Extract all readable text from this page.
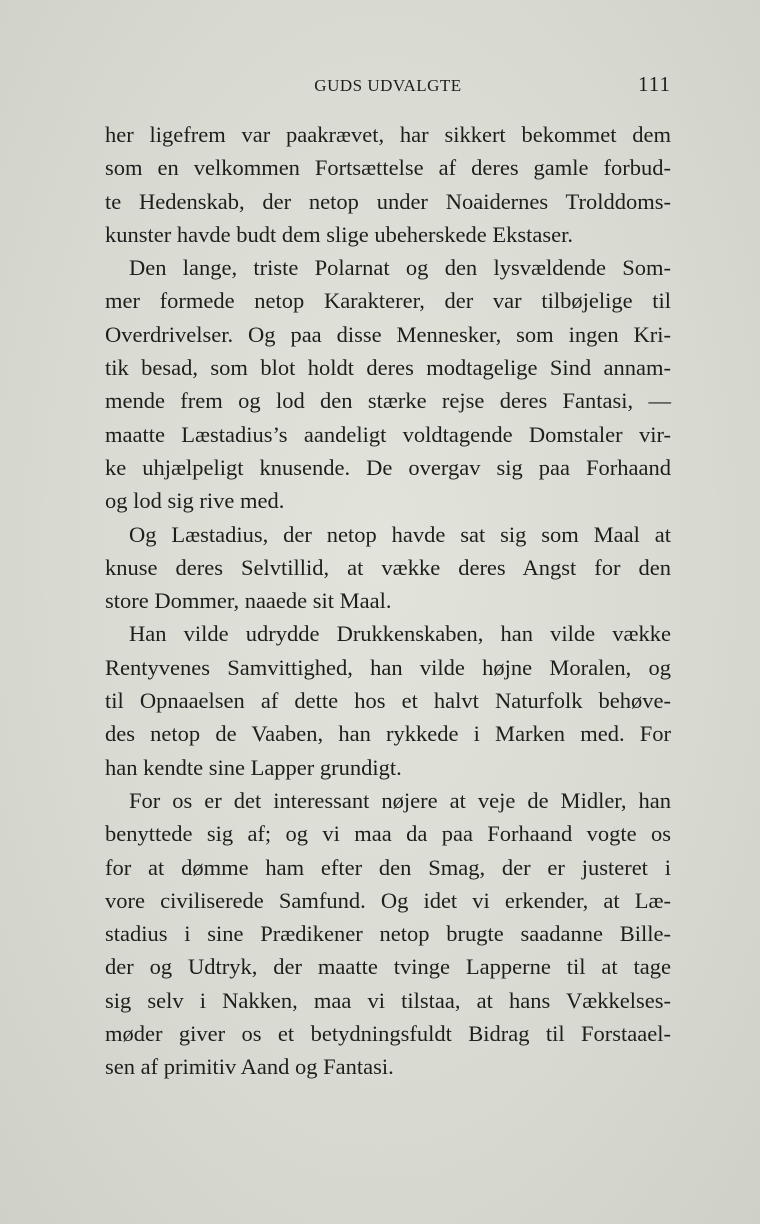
GUDS UDVALGTE	111
her ligefrem var paakrævet, har sikkert bekommet dem
som en velkommen Fortsættelse af deres gamle forbud-
te Hedenskab, der netop under Noaidernes Trolddoms-
kunster havde budt dem slige ubeherskede Ekstaser.
Den lange, triste Polarnat og den lysvældende Som-
mer formede netop Karakterer, der var tilbøjelige til
Overdrivelser. Og paa disse Mennesker, som ingen Kri-
tik besad, som blot holdt deres modtagelige Sind annam-
mende frem og lod den stærke rejse deres Fantasi, —
maatte Læstadius’s aandeligt voldtagende Domstaler vir-
ke uhjælpeligt knusende. De overgav sig paa Forhaand
og lod sig rive med.
Og Læstadius, der netop havde sat sig som Maal at
knuse deres Selvtillid, at vække deres Angst for den
store Dommer, naaede sit Maal.
Han vilde udrydde Drukkenskaben, han vilde vække
Rentyvenes Samvittighed, han vilde højne Moralen, og
til Opnaaelsen af dette hos et halvt Naturfolk behøve-
des netop de Vaaben, han rykkede i Marken med. For
han kendte sine Lapper grundigt.
For os er det interessant nøjere at veje de Midler, han
benyttede sig af; og vi maa da paa Forhaand vogte os
for at dømme ham efter den Smag, der er justeret i
vore civiliserede Samfund. Og idet vi erkender, at Læ-
stadius i sine Prædikener netop brugte saadanne Bille-
der og Udtryk, der maatte tvinge Lapperne til at tage
sig selv i Nakken, maa vi tilstaa, at hans Vækkelses-
møder giver os et betydningsfuldt Bidrag til Forstaael-
sen af primitiv Aand og Fantasi.
